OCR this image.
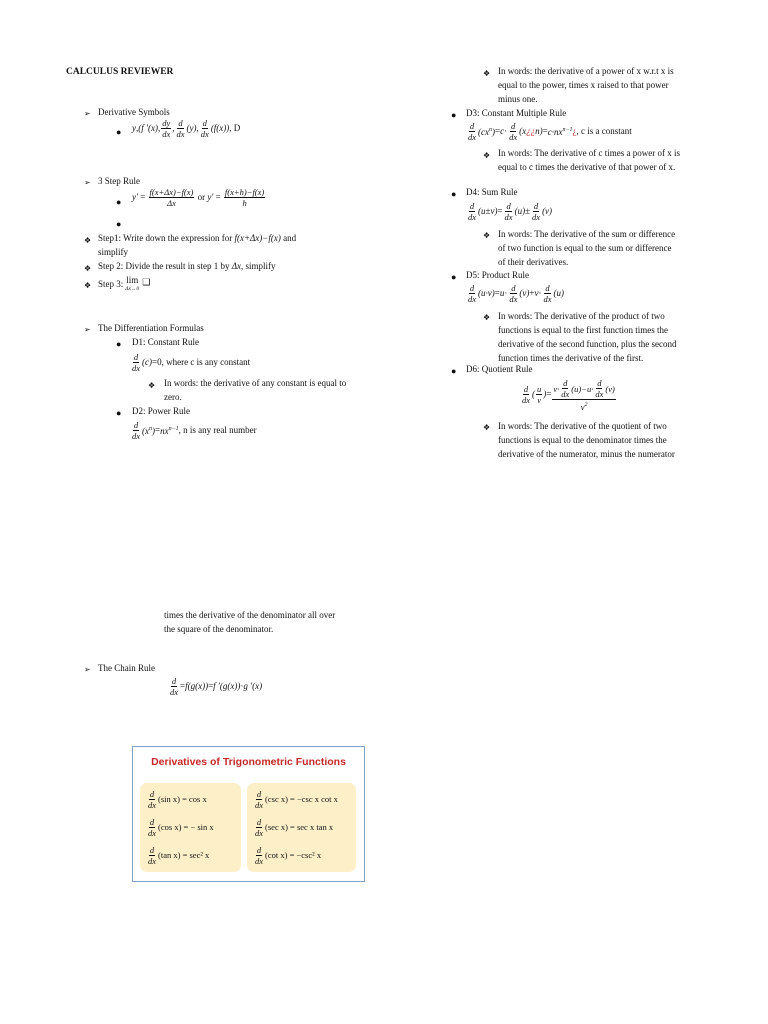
CALCULUS REVIEWER
➢ Derivative Symbols
● y , (f ′(x) , $\frac{dy}{dx}$ , $\frac{d}{dx} (y)$ , $\frac{d}{dx} (f(x))$ , D
➢ 3 Step Rule
●
$y' = \frac{f(x+\Delta x)-f(x)}{\Delta x}$
or
$y' = \frac{f(x+h)-f(x)}{h}$
●
❖ Step1: Write down the expression for f(x+Δx)−f(x) and
simplify
❖ Step 2: Divide the result in step 1 by Δx, simplify
❖ Step 3: lim
Δx→0
❑
➢ The Differentiation Formulas
● D1: Constant Rule
$\frac{d}{dx} (c) =0$ , where c is any constant
❖ In words: the derivative of any constant is equal to
zero.
● D2: Power Rule
$\frac{d}{dx} (x^n) = nx^{n-1}$ , n is any real number
❖ In words: the derivative of a power of x w.r.t x is
equal to the power, times x raised to that power
minus one.
● D3: Constant Multiple Rule
$\frac{d}{dx} (cx^n) = c \cdot \frac{d}{dx}$ (x¿¿n) = $c\cdot nx^{n-1}$ ¿ , c is a constant
❖ In words: The derivative of c times a power of x is
equal to c times the derivative of that power of x.
● D4: Sum Rule
$\frac{d}{dx} (u\pm v) = \frac{d}{dx} (u) \pm \frac{d}{dx} (v)$
❖ In words: The derivative of the sum or difference
of two function is equal to the sum or difference
of their derivatives.
● D5: Product Rule
$\frac{d}{dx} (u\cdot v) = u \cdot \frac{d}{dx} (v) + v \cdot \frac{d}{dx} (u)$
❖ In words: The derivative of the product of two
functions is equal to the first function times the
derivative of the second function, plus the second
function times the derivative of the first.
● D6: Quotient Rule
$\frac{d}{dx}$ ( $\frac{u}{v}$ ) = $\frac{v\cdot \frac{d}{dx} (u)-u\cdot \frac{d}{dx} (v)}{v^2}$
❖ In words: The derivative of the quotient of two
functions is equal to the denominator times the
derivative of the numerator, minus the numerator
times the derivative of the denominator all over
the square of the denominator.
➢ The Chain Rule
$\frac{d}{dx} = f(g(x)) = f$ ′(g(x)) · g ′(x)
Derivatives of Trigonometric Functions
$\frac{d}{dx} (\sin$ x) = cos x
$\frac{d}{dx} (\cos$ x) = − sin x
$\frac{d}{dx} (\tan$ x) = sec² x
$\frac{d}{dx} (\csc$ x) = −csc x cot x
$\frac{d}{dx} (\sec$ x) = sec x tan x
$\frac{d}{dx} (\cot$ x) = −csc² x
